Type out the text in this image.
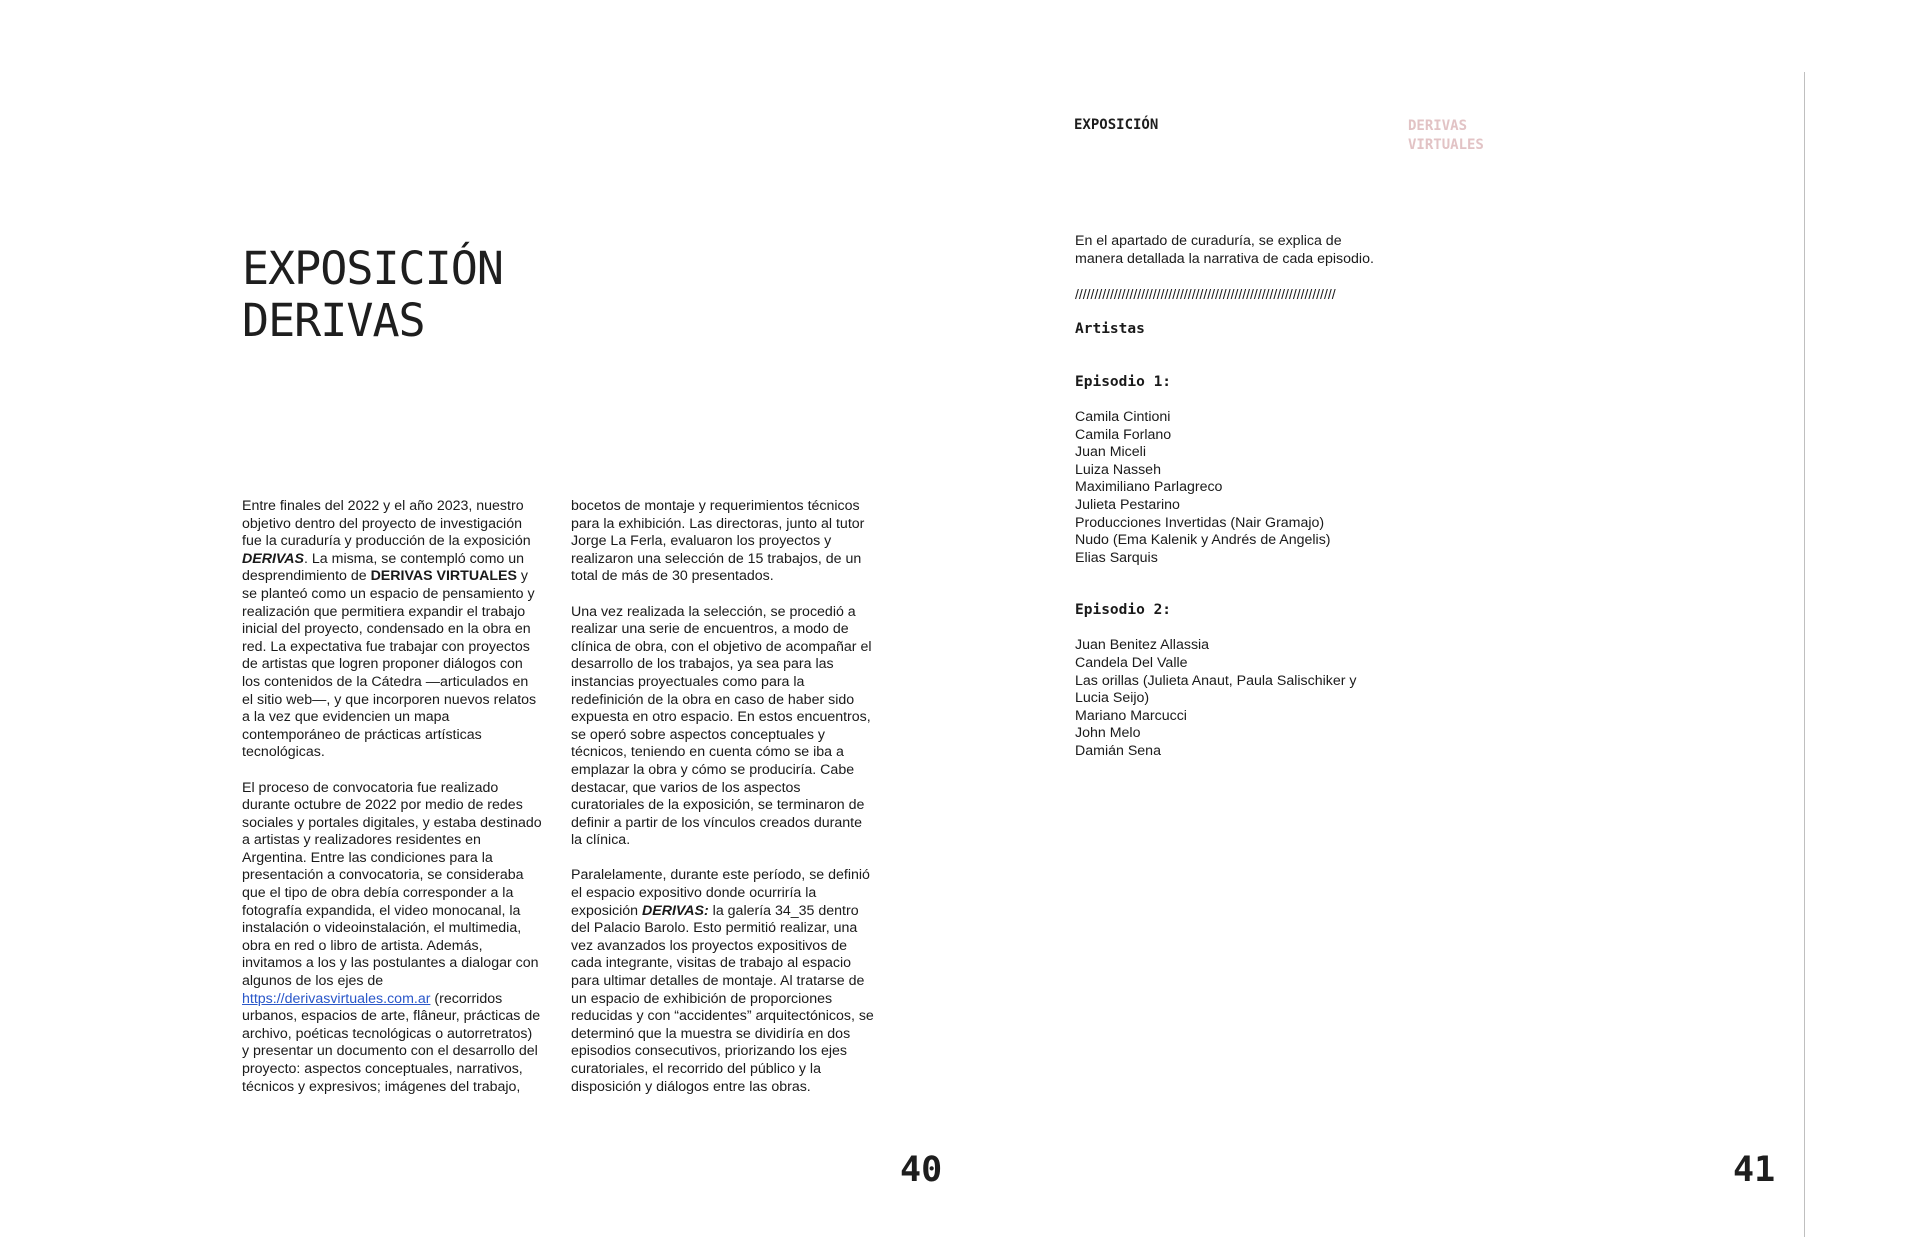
EXPOSICIÓN
DERIVAS

Entre finales del 2022 y el año 2023, nuestro objetivo dentro del proyecto de investigación fue la curaduría y producción de la exposición DERIVAS. La misma, se contempló como un desprendimiento de DERIVAS VIRTUALES y se planteó como un espacio de pensamiento y realización que permitiera expandir el trabajo inicial del proyecto, condensado en la obra en red. La expectativa fue trabajar con proyectos de artistas que logren proponer diálogos con los contenidos de la Cátedra —articulados en el sitio web—, y que incorporen nuevos relatos a la vez que evidencien un mapa contemporáneo de prácticas artísticas tecnológicas.

El proceso de convocatoria fue realizado durante octubre de 2022 por medio de redes sociales y portales digitales, y estaba destinado a artistas y realizadores residentes en Argentina. Entre las condiciones para la presentación a convocatoria, se consideraba que el tipo de obra debía corresponder a la fotografía expandida, el video monocanal, la instalación o videoinstalación, el multimedia, obra en red o libro de artista. Además, invitamos a los y las postulantes a dialogar con algunos de los ejes de https://derivasvirtuales.com.ar (recorridos urbanos, espacios de arte, flâneur, prácticas de archivo, poéticas tecnológicas o autorretratos) y presentar un documento con el desarrollo del proyecto: aspectos conceptuales, narrativos, técnicos y expresivos; imágenes del trabajo,

bocetos de montaje y requerimientos técnicos para la exhibición. Las directoras, junto al tutor Jorge La Ferla, evaluaron los proyectos y realizaron una selección de 15 trabajos, de un total de más de 30 presentados.

Una vez realizada la selección, se procedió a realizar una serie de encuentros, a modo de clínica de obra, con el objetivo de acompañar el desarrollo de los trabajos, ya sea para las instancias proyectuales como para la redefinición de la obra en caso de haber sido expuesta en otro espacio. En estos encuentros, se operó sobre aspectos conceptuales y técnicos, teniendo en cuenta cómo se iba a emplazar la obra y cómo se produciría. Cabe destacar, que varios de los aspectos curatoriales de la exposición, se terminaron de definir a partir de los vínculos creados durante la clínica.

Paralelamente, durante este período, se definió el espacio expositivo donde ocurriría la exposición DERIVAS: la galería 34_35 dentro del Palacio Barolo. Esto permitió realizar, una vez avanzados los proyectos expositivos de cada integrante, visitas de trabajo al espacio para ultimar detalles de montaje. Al tratarse de un espacio de exhibición de proporciones reducidas y con “accidentes” arquitectónicos, se determinó que la muestra se dividiría en dos episodios consecutivos, priorizando los ejes curatoriales, el recorrido del público y la disposición y diálogos entre las obras.

40
EXPOSICIÓN	DERIVAS
VIRTUALES

En el apartado de curaduría, se explica de manera detallada la narrativa de cada episodio.

///////////////////////////////////////////////////////////////////

Artistas

Episodio 1:

Camila Cintioni
Camila Forlano
Juan Miceli
Luiza Nasseh
Maximiliano Parlagreco
Julieta Pestarino
Producciones Invertidas (Nair Gramajo)
Nudo (Ema Kalenik y Andrés de Angelis)
Elias Sarquis

Episodio 2:

Juan Benitez Allassia
Candela Del Valle
Las orillas (Julieta Anaut, Paula Salischiker y Lucia Seijo)
Mariano Marcucci
John Melo
Damián Sena
41
